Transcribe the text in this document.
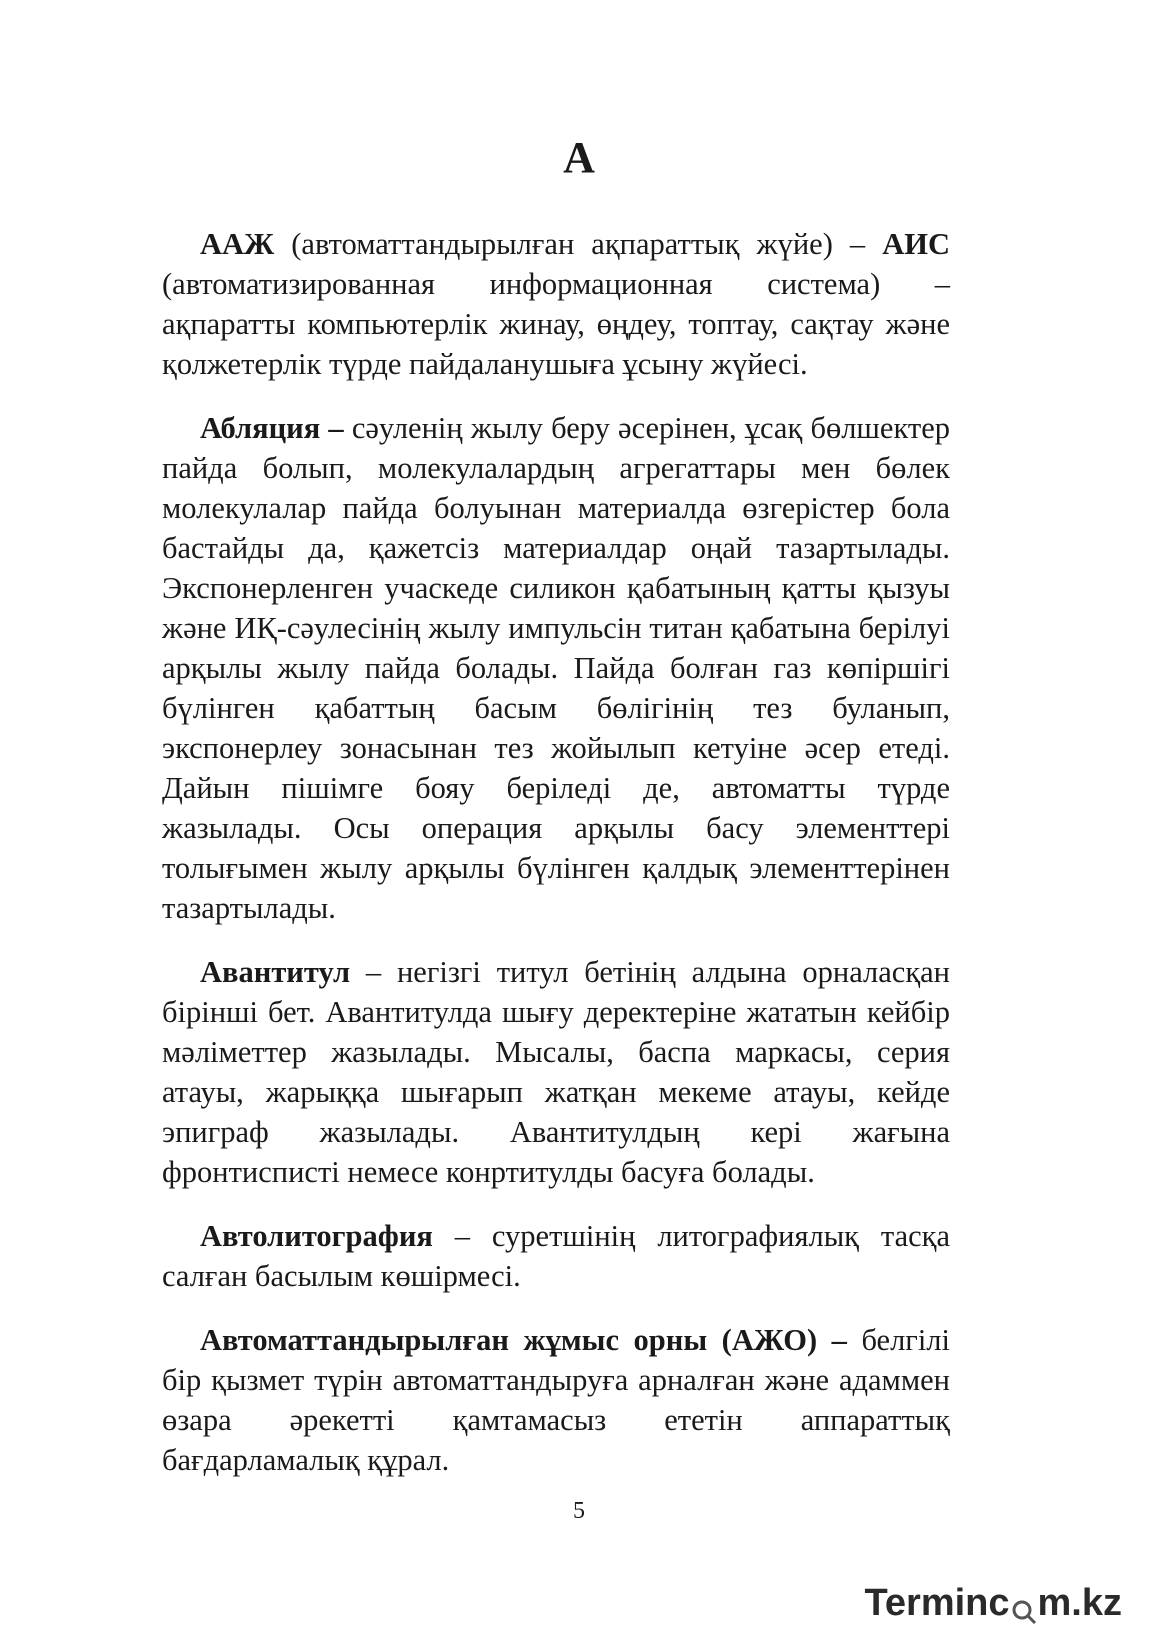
А

ААЖ (автоматтандырылған ақпараттық жүйе) – АИС (автоматизированная информационная система) – ақпаратты компьютерлік жинау, өңдеу, топтау, сақтау және қолжетерлік түрде пайдаланушыға ұсыну жүйесі.

Абляция – сәуленің жылу беру әсерінен, ұсақ бөлшектер пайда болып, молекулалардың агрегаттары мен бөлек молекулалар пайда болуынан материалда өзгерістер бола бастайды да, қажетсіз материалдар оңай тазартылады. Экспонерленген учаскеде силикон қабатының қатты қызуы және ИҚ-сәулесінің жылу импульсін титан қабатына берілуі арқылы жылу пайда болады. Пайда болған газ көпіршігі бүлінген қабаттың басым бөлігінің тез буланып, экспонерлеу зонасынан тез жойылып кетуіне әсер етеді. Дайын пішімге бояу беріледі де, автоматты түрде жазылады. Осы операция арқылы басу элементтері толығымен жылу арқылы бүлінген қалдық элементтерінен тазартылады.

Авантитул – негізгі титул бетінің алдына орналасқан бірінші бет. Авантитулда шығу деректеріне жататын кейбір мәліметтер жазылады. Мысалы, баспа маркасы, серия атауы, жарыққа шығарып жатқан мекеме атауы, кейде эпиграф жазылады. Авантитулдың кері жағына фронтиспистi немесе конртитулды басуға болады.

Автолитография – суретшінің литографиялық тасқа салған басылым көшірмесі.

Автоматтандырылған жұмыс орны (АЖО) – белгілі бір қызмет түрін автоматтандыруға арналған және адаммен өзара әрекетті қамтамасыз ететін аппараттық бағдарламалық құрал.

5
Terminc m.kz
